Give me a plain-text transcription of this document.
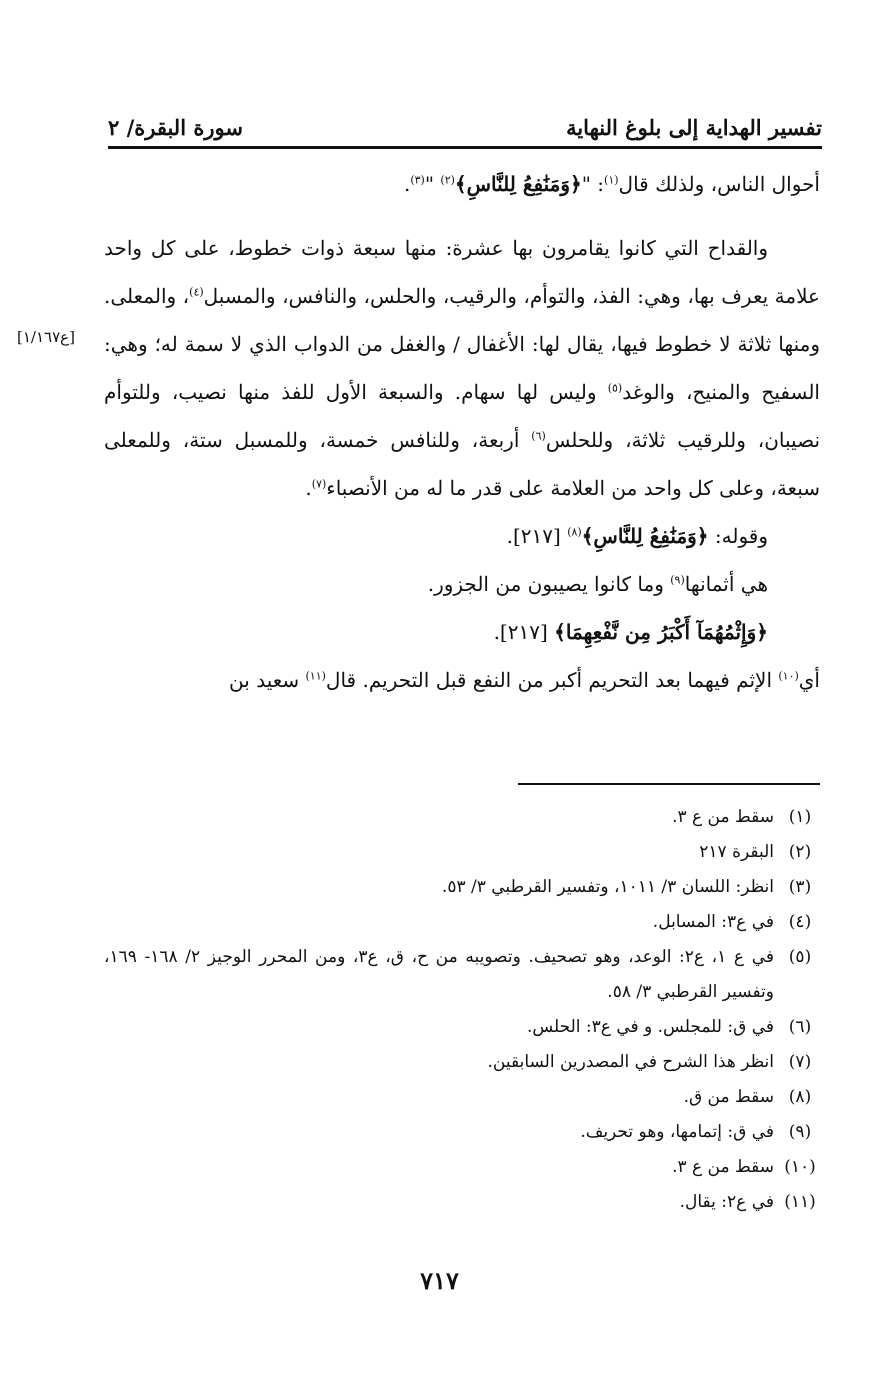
تفسير الهداية إلى بلوغ النهاية
سورة البقرة/ ٢
[ع١/١٦٧]

أحوال الناس، ولذلك قال$^{(١)}$: "﴿وَمَنَٰفِعُ لِلنَّاسِ﴾$^{(٢)}$ "$^{(٣)}$.

والقداح التي كانوا يقامرون بها عشرة: منها سبعة ذوات خطوط، على كل واحد علامة يعرف بها، وهي: الفذ، والتوأم، والرقيب، والحلس، والنافس، والمسبل$^{(٤)}$، والمعلى. ومنها ثلاثة لا خطوط فيها، يقال لها: الأغفال / والغفل من الدواب الذي لا سمة له؛ وهي: السفيح والمنيح، والوغد$^{(٥)}$ وليس لها سهام. والسبعة الأول للفذ منها نصيب، وللتوأم نصيبان، وللرقيب ثلاثة، وللحلس$^{(٦)}$ أربعة، وللنافس خمسة، وللمسبل ستة، وللمعلى سبعة، وعلى كل واحد من العلامة على قدر ما له من الأنصباء$^{(٧)}$.

وقوله: ﴿وَمَنَٰفِعُ لِلنَّاسِ﴾$^{(٨)}$ [٢١٧].

هي أثمانها$^{(٩)}$ وما كانوا يصيبون من الجزور.

﴿وَإِثْمُهُمَآ أَكْبَرُ مِن نَّفْعِهِمَا﴾ [٢١٧].

أي$^{(١٠)}$ الإثم فيهما بعد التحريم أكبر من النفع قبل التحريم. قال$^{(١١)}$ سعيد بن

(١)
سقط من ع ٣.
(٢)
البقرة ٢١٧
(٣)
انظر: اللسان ٣/ ١٠١١، وتفسير القرطبي ٣/ ٥٣.
(٤)
في ع٣: المسابل.
(٥)
في ع ١، ع٢: الوعد، وهو تصحيف. وتصويبه من ح، ق، ع٣، ومن المحرر الوجيز ٢/ ١٦٨- ١٦٩، وتفسير القرطبي ٣/ ٥٨.
(٦)
في ق: للمجلس. و في ع٣: الحلس.
(٧)
انظر هذا الشرح في المصدرين السابقين.
(٨)
سقط من ق.
(٩)
في ق: إتمامها، وهو تحريف.
(١٠)
سقط من ع ٣.
(١١)
في ع٢: يقال.
٧١٧
